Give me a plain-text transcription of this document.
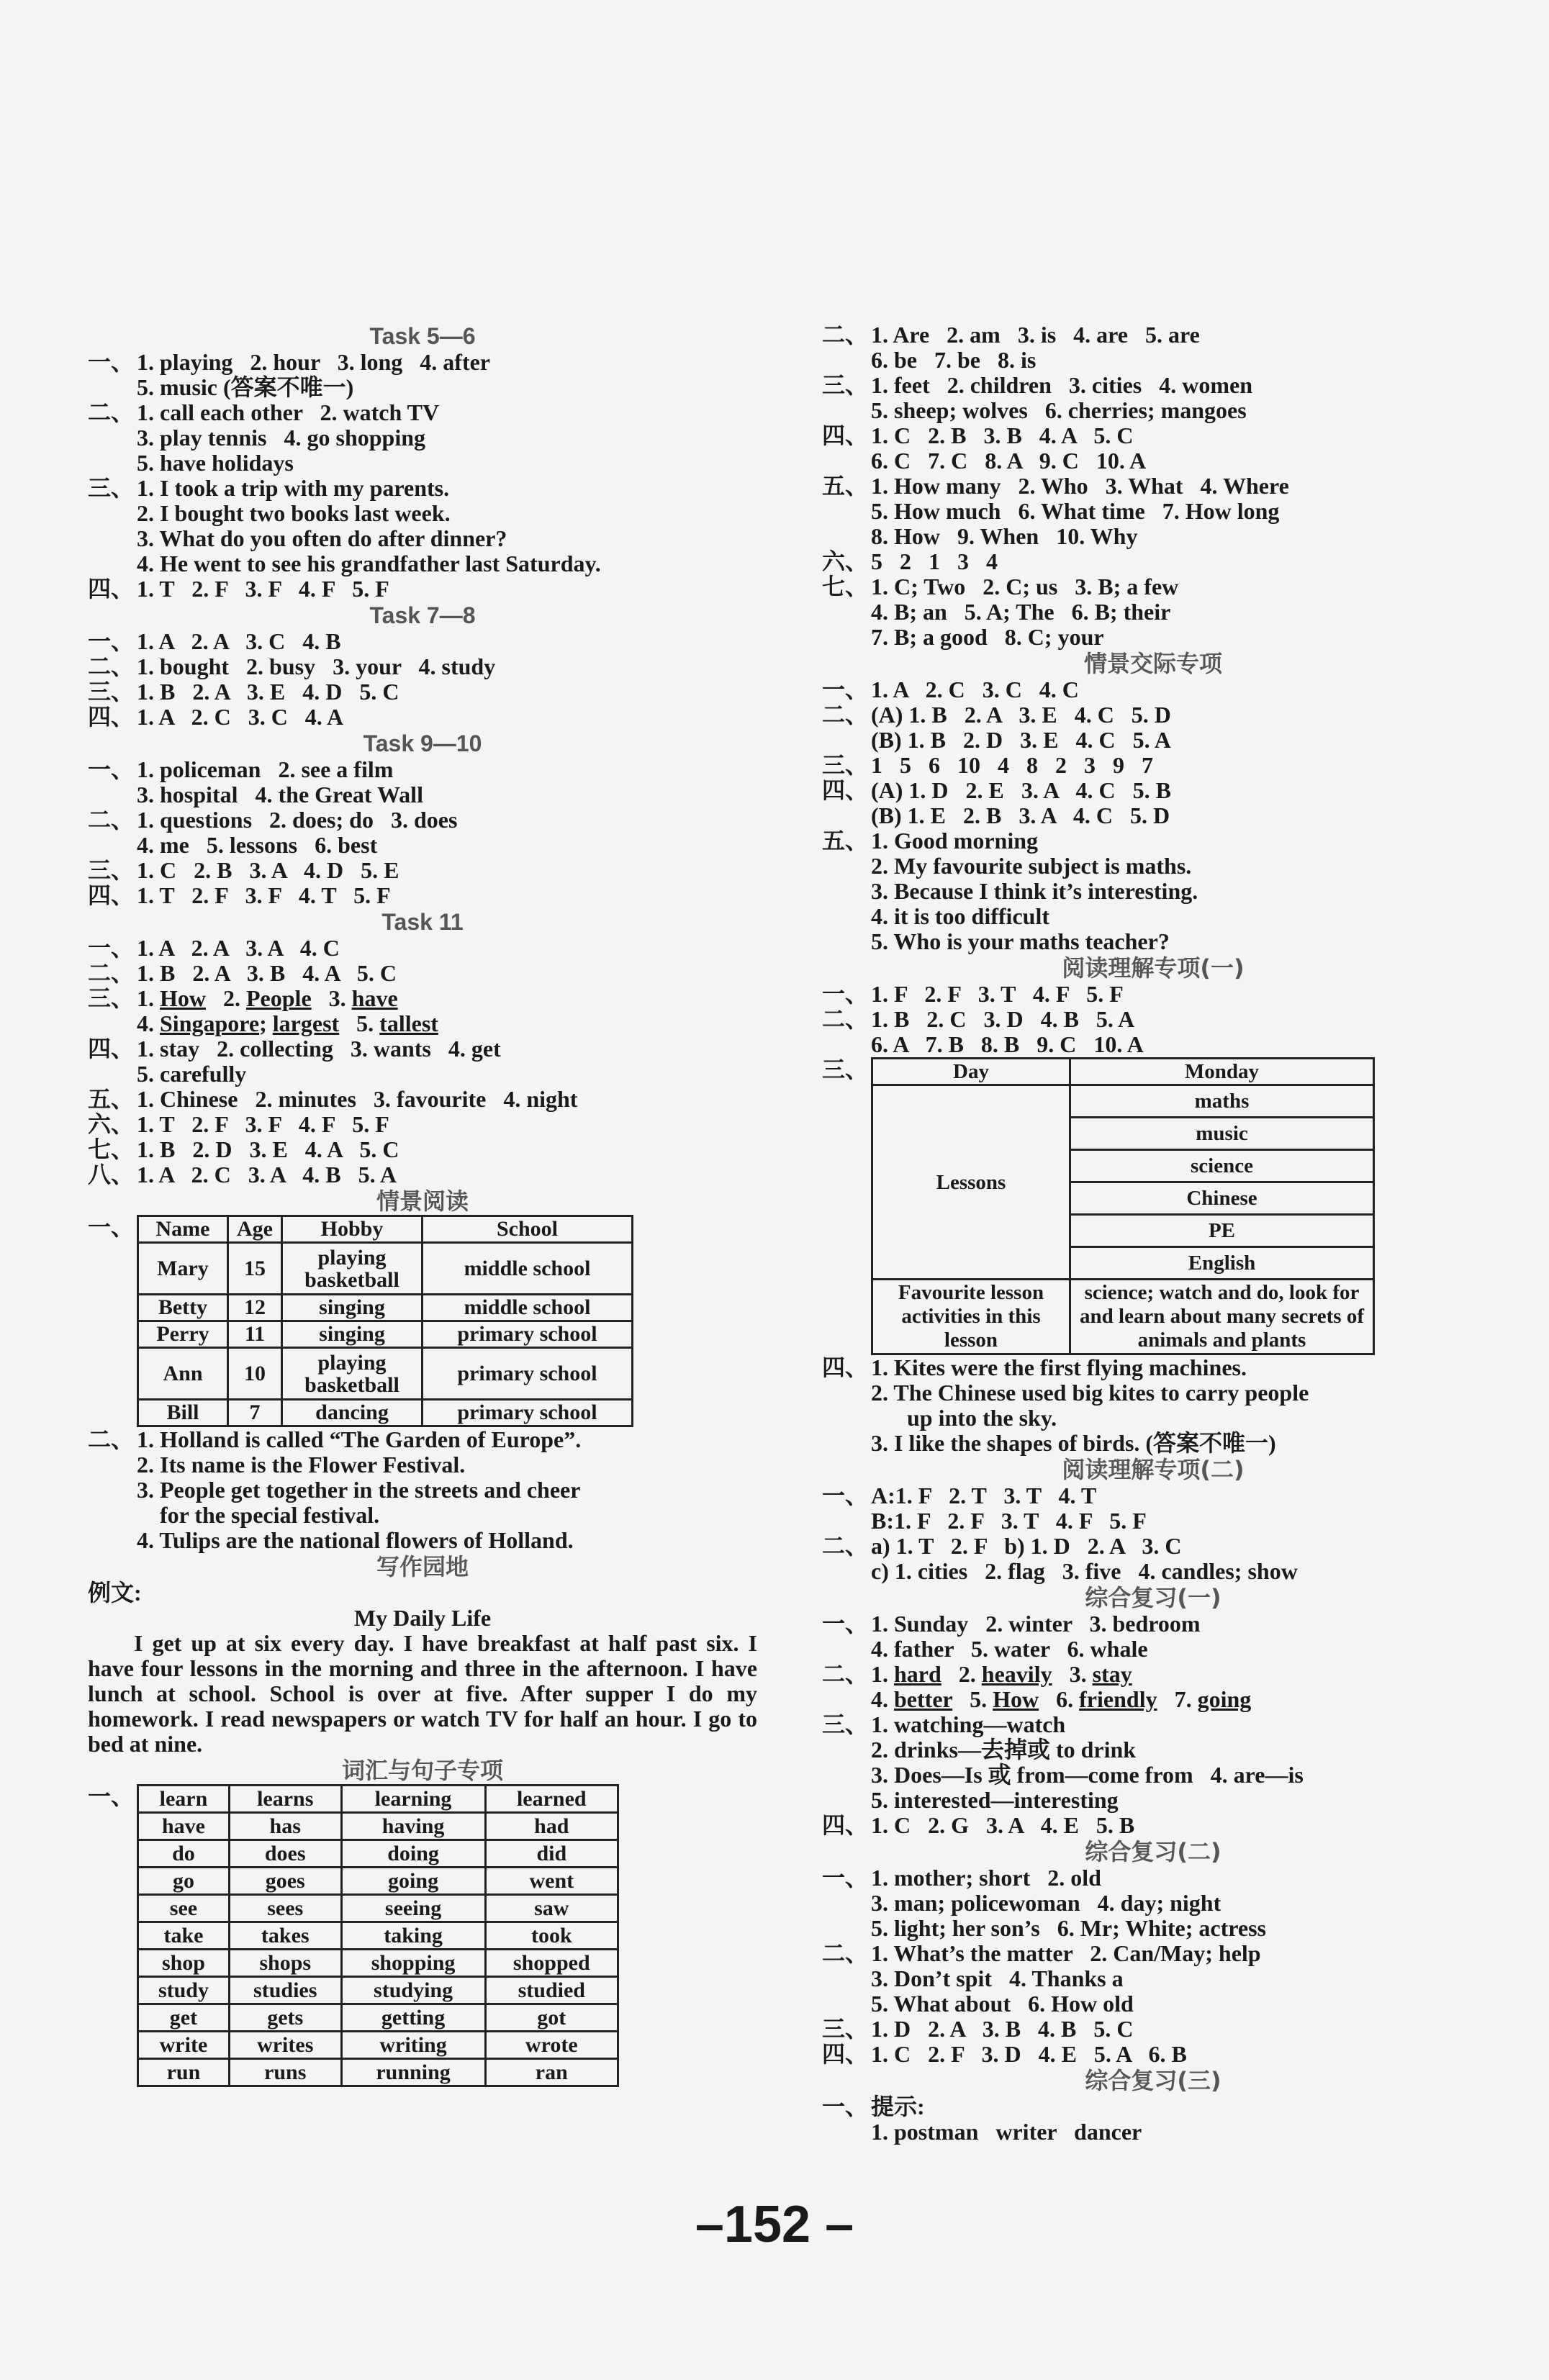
Task 5—6
一、 1. playing   2. hour   3. long   4. after
5. music (答案不唯一)
二、 1. call each other   2. watch TV
3. play tennis   4. go shopping
5. have holidays
三、 1. I took a trip with my parents.
2. I bought two books last week.
3. What do you often do after dinner?
4. He went to see his grandfather last Saturday.
四、 1. T   2. F   3. F   4. F   5. F
Task 7—8
一、 1. A   2. A   3. C   4. B
二、 1. bought   2. busy   3. your   4. study
三、 1. B   2. A   3. E   4. D   5. C
四、 1. A   2. C   3. C   4. A
Task 9—10
一、 1. policeman   2. see a film
3. hospital   4. the Great Wall
二、 1. questions   2. does; do   3. does
4. me   5. lessons   6. best
三、 1. C   2. B   3. A   4. D   5. E
四、 1. T   2. F   3. F   4. T   5. F
Task 11
一、 1. A   2. A   3. A   4. C
二、 1. B   2. A   3. B   4. A   5. C
三、 1. How   2. People   3. have
4. Singapore; largest   5. tallest
四、 1. stay   2. collecting   3. wants   4. get
5. carefully
五、 1. Chinese   2. minutes   3. favourite   4. night
六、 1. T   2. F   3. F   4. F   5. F
七、 1. B   2. D   3. E   4. A   5. C
八、 1. A   2. C   3. A   4. B   5. A
情景阅读
一、 Name	Age	Hobby	School
Mary	15	playing basketball	middle school
Betty	12	singing	middle school
Perry	11	singing	primary school
Ann	10	playing basketball	primary school
Bill	7	dancing	primary school
二、 1. Holland is called “The Garden of Europe”.
2. Its name is the Flower Festival.
3. People get together in the streets and cheer
for the special festival.
4. Tulips are the national flowers of Holland.
写作园地
例文:
My Daily Life
I get up at six every day. I have breakfast at half past six. I have four lessons in the morning and three in the afternoon. I have lunch at school. School is over at five. After supper I do my homework. I read newspapers or watch TV for half an hour. I go to bed at nine.
词汇与句子专项
一、 learn	learns	learning	learned
have	has	having	had
do	does	doing	did
go	goes	going	went
see	sees	seeing	saw
take	takes	taking	took
shop	shops	shopping	shopped
study	studies	studying	studied
get	gets	getting	got
write	writes	writing	wrote
run	runs	running	ran
二、 1. Are   2. am   3. is   4. are   5. are
6. be   7. be   8. is
三、 1. feet   2. children   3. cities   4. women
5. sheep; wolves   6. cherries; mangoes
四、 1. C   2. B   3. B   4. A   5. C
6. C   7. C   8. A   9. C   10. A
五、 1. How many   2. Who   3. What   4. Where
5. How much   6. What time   7. How long
8. How   9. When   10. Why
六、 5   2   1   3   4
七、 1. C; Two   2. C; us   3. B; a few
4. B; an   5. A; The   6. B; their
7. B; a good   8. C; your
情景交际专项
一、 1. A   2. C   3. C   4. C
二、 (A) 1. B   2. A   3. E   4. C   5. D
(B) 1. B   2. D   3. E   4. C   5. A
三、 1   5   6   10   4   8   2   3   9   7
四、 (A) 1. D   2. E   3. A   4. C   5. B
(B) 1. E   2. B   3. A   4. C   5. D
五、 1. Good morning
2. My favourite subject is maths.
3. Because I think it’s interesting.
4. it is too difficult
5. Who is your maths teacher?
阅读理解专项(一)
一、 1. F   2. F   3. T   4. F   5. F
二、 1. B   2. C   3. D   4. B   5. A
6. A   7. B   8. B   9. C   10. A
三、	Day	Monday
Lessons	maths
	music
	science
	Chinese
	PE
	English
Favourite lesson activities in this lesson	science; watch and do, look for and learn about many secrets of animals and plants
四、 1. Kites were the first flying machines.
2. The Chinese used big kites to carry people
up into the sky.
3. I like the shapes of birds. (答案不唯一)
阅读理解专项(二)
一、 A:1. F   2. T   3. T   4. T
B:1. F   2. F   3. T   4. F   5. F
二、 a) 1. T   2. F   b) 1. D   2. A   3. C
c) 1. cities   2. flag   3. five   4. candles; show
综合复习(一)
一、 1. Sunday   2. winter   3. bedroom
4. father   5. water   6. whale
二、 1. hard   2. heavily   3. stay
4. better   5. How   6. friendly   7. going
三、 1. watching—watch
2. drinks—去掉或 to drink
3. Does—Is 或 from—come from   4. are—is
5. interested—interesting
四、 1. C   2. G   3. A   4. E   5. B
综合复习(二)
一、 1. mother; short   2. old
3. man; policewoman   4. day; night
5. light; her son’s   6. Mr; White; actress
二、 1. What’s the matter   2. Can/May; help
3. Don’t spit   4. Thanks a
5. What about   6. How old
三、 1. D   2. A   3. B   4. B   5. C
四、 1. C   2. F   3. D   4. E   5. A   6. B
综合复习(三)
一、 提示:
1. postman   writer   dancer
–152 –
